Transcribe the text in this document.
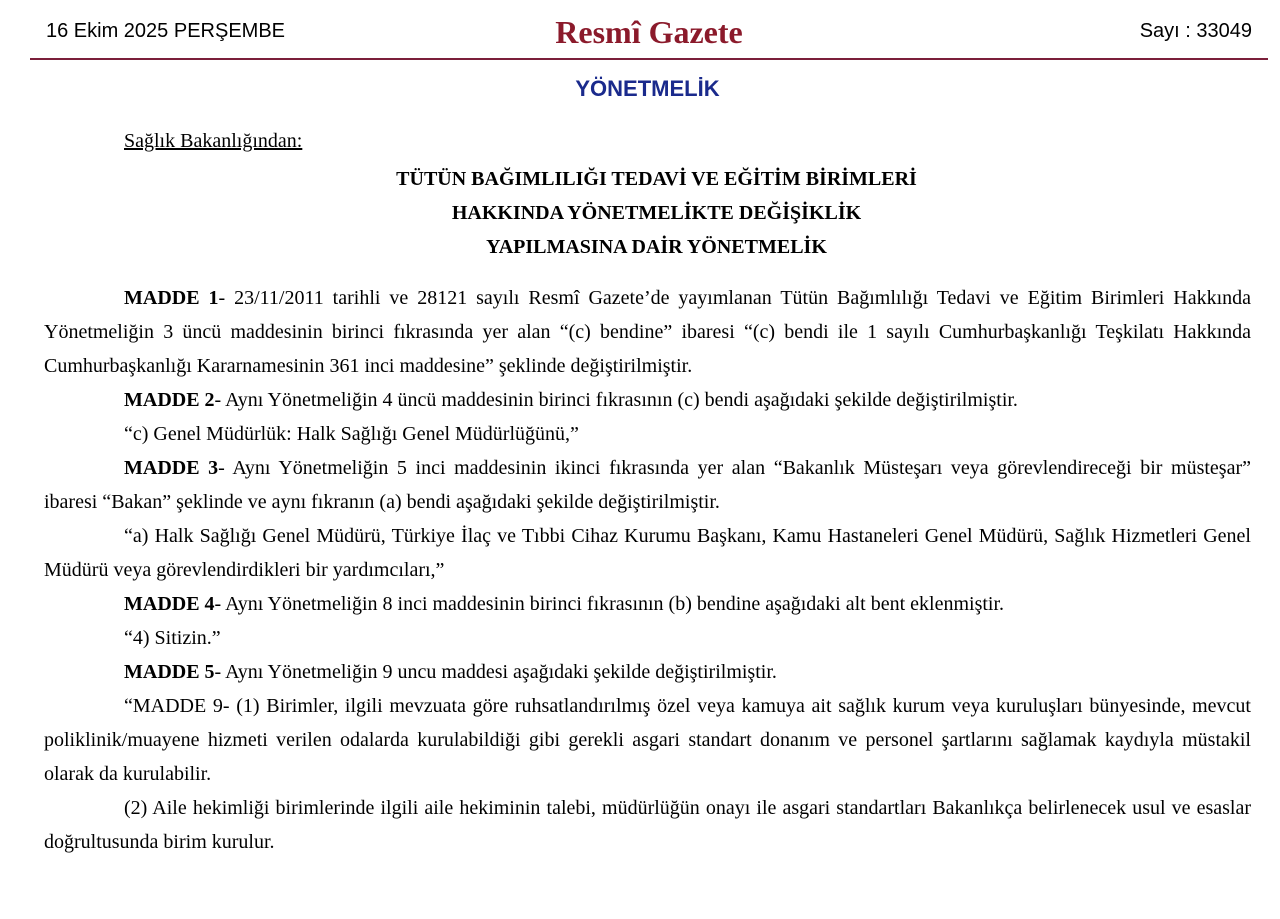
16 Ekim 2025 PERŞEMBE	Resmî Gazete	Sayı : 33049
YÖNETMELİK
Sağlık Bakanlığından:
TÜTÜN BAĞIMLILIĞI TEDAVİ VE EĞİTİM BİRİMLERİ
HAKKINDA YÖNETMELİKTE DEĞİŞİKLİK
YAPILMASINA DAİR YÖNETMELİK

MADDE 1- 23/11/2011 tarihli ve 28121 sayılı Resmî Gazete’de yayımlanan Tütün Bağımlılığı Tedavi ve Eğitim Birimleri Hakkında Yönetmeliğin 3 üncü maddesinin birinci fıkrasında yer alan “(c) bendine” ibaresi “(c) bendi ile 1 sayılı Cumhurbaşkanlığı Teşkilatı Hakkında Cumhurbaşkanlığı Kararnamesinin 361 inci maddesine” şeklinde değiştirilmiştir.

MADDE 2- Aynı Yönetmeliğin 4 üncü maddesinin birinci fıkrasının (c) bendi aşağıdaki şekilde değiştirilmiştir.

“c) Genel Müdürlük: Halk Sağlığı Genel Müdürlüğünü,”

MADDE 3- Aynı Yönetmeliğin 5 inci maddesinin ikinci fıkrasında yer alan “Bakanlık Müsteşarı veya görevlendireceği bir müsteşar” ibaresi “Bakan” şeklinde ve aynı fıkranın (a) bendi aşağıdaki şekilde değiştirilmiştir.

“a) Halk Sağlığı Genel Müdürü, Türkiye İlaç ve Tıbbi Cihaz Kurumu Başkanı, Kamu Hastaneleri Genel Müdürü, Sağlık Hizmetleri Genel Müdürü veya görevlendirdikleri bir yardımcıları,”

MADDE 4- Aynı Yönetmeliğin 8 inci maddesinin birinci fıkrasının (b) bendine aşağıdaki alt bent eklenmiştir.

“4) Sitizin.”

MADDE 5- Aynı Yönetmeliğin 9 uncu maddesi aşağıdaki şekilde değiştirilmiştir.

“MADDE 9- (1) Birimler, ilgili mevzuata göre ruhsatlandırılmış özel veya kamuya ait sağlık kurum veya kuruluşları bünyesinde, mevcut poliklinik/muayene hizmeti verilen odalarda kurulabildiği gibi gerekli asgari standart donanım ve personel şartlarını sağlamak kaydıyla müstakil olarak da kurulabilir.

(2) Aile hekimliği birimlerinde ilgili aile hekiminin talebi, müdürlüğün onayı ile asgari standartları Bakanlıkça belirlenecek usul ve esaslar doğrultusunda birim kurulur.
